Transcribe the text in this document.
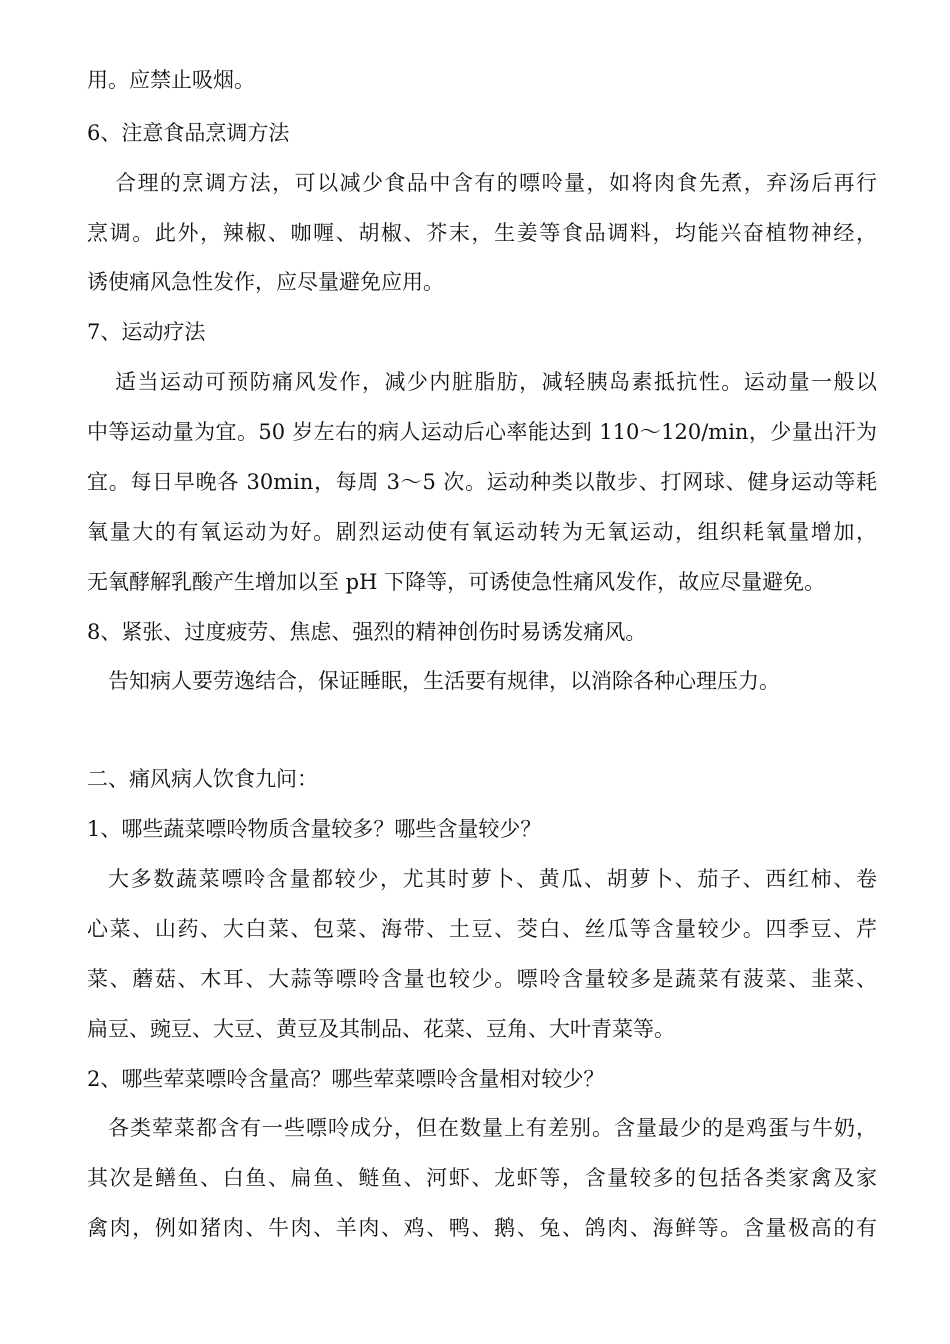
用。应禁止吸烟。

6、注意食品烹调方法

合理的烹调方法，可以减少食品中含有的嘌呤量，如将肉食先煮，弃汤后再行

烹调。此外，辣椒、咖喱、胡椒、芥末，生姜等食品调料，均能兴奋植物神经，

诱使痛风急性发作，应尽量避免应用。

7、运动疗法

适当运动可预防痛风发作，减少内脏脂肪，减轻胰岛素抵抗性。运动量一般以

中等运动量为宜。50 岁左右的病人运动后心率能达到 110～120/min，少量出汗为

宜。每日早晚各 30min，每周 3～5 次。运动种类以散步、打网球、健身运动等耗

氧量大的有氧运动为好。剧烈运动使有氧运动转为无氧运动，组织耗氧量增加，

无氧酵解乳酸产生增加以至 pH 下降等，可诱使急性痛风发作，故应尽量避免。

8、紧张、过度疲劳、焦虑、强烈的精神创伤时易诱发痛风。

告知病人要劳逸结合，保证睡眠，生活要有规律，以消除各种心理压力。

二、痛风病人饮食九问：

1、哪些蔬菜嘌呤物质含量较多？哪些含量较少？

大多数蔬菜嘌呤含量都较少，尤其时萝卜、黄瓜、胡萝卜、茄子、西红柿、卷

心菜、山药、大白菜、包菜、海带、土豆、茭白、丝瓜等含量较少。四季豆、芹

菜、蘑菇、木耳、大蒜等嘌呤含量也较少。嘌呤含量较多是蔬菜有菠菜、韭菜、

扁豆、豌豆、大豆、黄豆及其制品、花菜、豆角、大叶青菜等。

2、哪些荤菜嘌呤含量高？哪些荤菜嘌呤含量相对较少？

各类荤菜都含有一些嘌呤成分，但在数量上有差别。含量最少的是鸡蛋与牛奶，

其次是鳝鱼、白鱼、扁鱼、鲢鱼、河虾、龙虾等，含量较多的包括各类家禽及家

禽肉，例如猪肉、牛肉、羊肉、鸡、鸭、鹅、兔、鸽肉、海鲜等。含量极高的有
